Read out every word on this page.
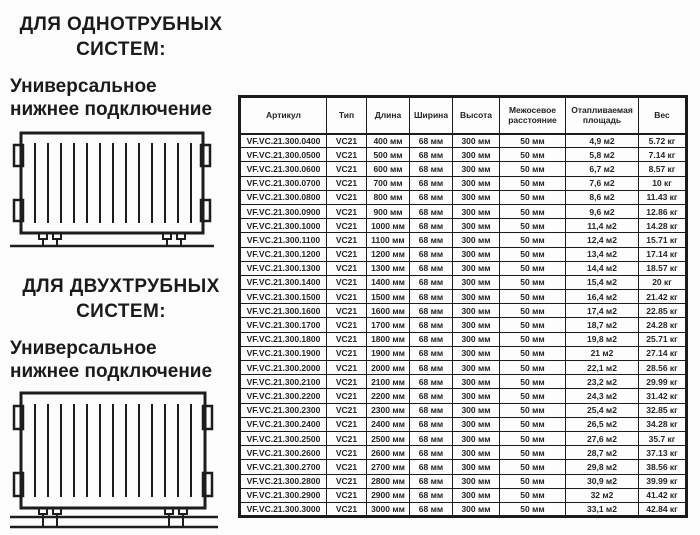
ДЛЯ ОДНОТРУБНЫХ
СИСТЕМ:
Универсальное
нижнее подключение
ДЛЯ ДВУХТРУБНЫХ
СИСТЕМ:
Универсальное
нижнее подключение
Артикул	Тип	Длина	Ширина	Высота	Межосевое расстояние	Отапливаемая площадь	Вес
VF.VC.21.300.0400	VC21	400 мм	68 мм	300 мм	50 мм	4,9 м2	5.72 кг
VF.VC.21.300.0500	VC21	500 мм	68 мм	300 мм	50 мм	5,8 м2	7.14 кг
VF.VC.21.300.0600	VC21	600 мм	68 мм	300 мм	50 мм	6,7 м2	8.57 кг
VF.VC.21.300.0700	VC21	700 мм	68 мм	300 мм	50 мм	7,6 м2	10 кг
VF.VC.21.300.0800	VC21	800 мм	68 мм	300 мм	50 мм	8,6 м2	11.43 кг
VF.VC.21.300.0900	VC21	900 мм	68 мм	300 мм	50 мм	9,6 м2	12.86 кг
VF.VC.21.300.1000	VC21	1000 мм	68 мм	300 мм	50 мм	11,4 м2	14.28 кг
VF.VC.21.300.1100	VC21	1100 мм	68 мм	300 мм	50 мм	12,4 м2	15.71 кг
VF.VC.21.300.1200	VC21	1200 мм	68 мм	300 мм	50 мм	13,4 м2	17.14 кг
VF.VC.21.300.1300	VC21	1300 мм	68 мм	300 мм	50 мм	14,4 м2	18.57 кг
VF.VC.21.300.1400	VC21	1400 мм	68 мм	300 мм	50 мм	15,4 м2	20 кг
VF.VC.21.300.1500	VC21	1500 мм	68 мм	300 мм	50 мм	16,4 м2	21.42 кг
VF.VC.21.300.1600	VC21	1600 мм	68 мм	300 мм	50 мм	17,4 м2	22.85 кг
VF.VC.21.300.1700	VC21	1700 мм	68 мм	300 мм	50 мм	18,7 м2	24.28 кг
VF.VC.21.300.1800	VC21	1800 мм	68 мм	300 мм	50 мм	19,8 м2	25.71 кг
VF.VC.21.300.1900	VC21	1900 мм	68 мм	300 мм	50 мм	21 м2	27.14 кг
VF.VC.21.300.2000	VC21	2000 мм	68 мм	300 мм	50 мм	22,1 м2	28.56 кг
VF.VC.21.300.2100	VC21	2100 мм	68 мм	300 мм	50 мм	23,2 м2	29.99 кг
VF.VC.21.300.2200	VC21	2200 мм	68 мм	300 мм	50 мм	24,3 м2	31.42 кг
VF.VC.21.300.2300	VC21	2300 мм	68 мм	300 мм	50 мм	25,4 м2	32.85 кг
VF.VC.21.300.2400	VC21	2400 мм	68 мм	300 мм	50 мм	26,5 м2	34.28 кг
VF.VC.21.300.2500	VC21	2500 мм	68 мм	300 мм	50 мм	27,6 м2	35.7 кг
VF.VC.21.300.2600	VC21	2600 мм	68 мм	300 мм	50 мм	28,7 м2	37.13 кг
VF.VC.21.300.2700	VC21	2700 мм	68 мм	300 мм	50 мм	29,8 м2	38.56 кг
VF.VC.21.300.2800	VC21	2800 мм	68 мм	300 мм	50 мм	30,9 м2	39.99 кг
VF.VC.21.300.2900	VC21	2900 мм	68 мм	300 мм	50 мм	32 м2	41.42 кг
VF.VC.21.300.3000	VC21	3000 мм	68 мм	300 мм	50 мм	33,1 м2	42.84 кг
